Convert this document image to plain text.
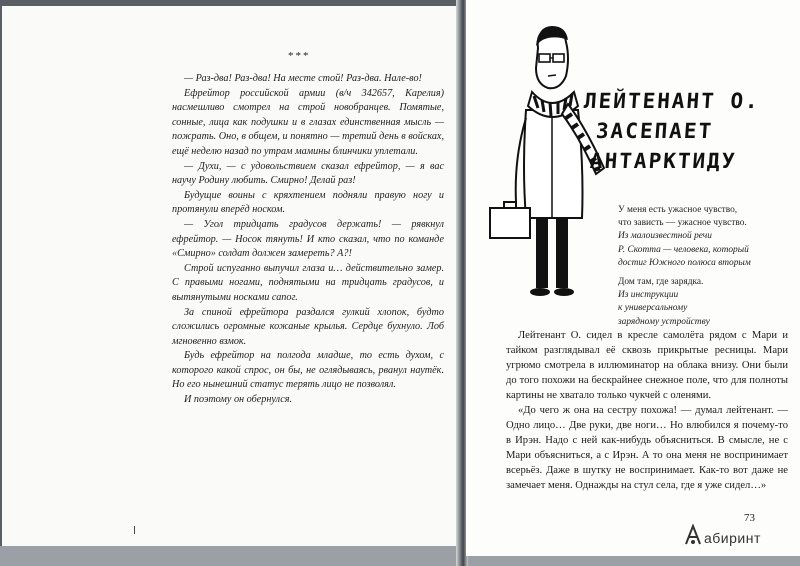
***

— Раз-два! Раз-два! На месте стой! Раз-два. Нале-во!

Ефрейтор российской армии (в/ч 342657, Карелия) насмешливо смотрел на строй новобранцев. Помятые, сонные, лица как подушки и в глазах единственная мысль — пожрать. Оно, в общем, и понятно — третий день в войсках, ещё неделю назад по утрам мамины блинчики уплетали.

— Духи, — с удовольствием сказал ефрейтор, — я вас научу Родину любить. Смирно! Делай раз!

Будущие воины с кряхтением подняли правую ногу и протянули вперёд носком.

— Угол тридцать градусов держать! — рявкнул ефрейтор. — Носок тянуть! И кто сказал, что по команде «Смирно» солдат должен замереть? А?!

Строй испуганно выпучил глаза и… действительно замер. С правыми ногами, поднятыми на тридцать градусов, и вытянутыми носками сапог.

За спиной ефрейтора раздался гулкий хлопок, будто сложились огромные кожаные крылья. Сердце бухнуло. Лоб мгновенно взмок.

Будь ефрейтор на полгода младше, то есть духом, с которого какой спрос, он бы, не оглядываясь, рванул наутёк. Но его нынешний статус терять лицо не позволял.

И поэтому он обернулся.

ЛЕЙТЕНАНТ О.
ЗАСЕПАЕТ
АНТАРКТИДУ
У меня есть ужасное чувство,
что зависть — ужасное чувство.
Из малоизвестной речи
Р. Скотта — человека, который
достиг Южного полюса вторым
Дом там, где зарядка.
Из инструкции
к универсальному
зарядному устройству

Лейтенант О. сидел в кресле самолёта рядом с Мари и тайком разглядывал её сквозь прикрытые ресницы. Мари угрюмо смотрела в иллюминатор на облака внизу. Они были до того похожи на бескрайнее снежное поле, что для полноты картины не хватало только чукчей с оленями.

«До чего ж она на сестру похожа! — думал лейтенант. — Одно лицо… Две руки, две ноги… Но влюбился я почему-то в Ирэн. Надо с ней как-нибудь объясниться. В смысле, не с Мари объясниться, а с Ирэн. А то она меня не воспринимает всерьёз. Даже в шутку не воспринимает. Как-то вот даже не замечает меня. Однажды на стул села, где я уже сидел…»

73
абиринт
